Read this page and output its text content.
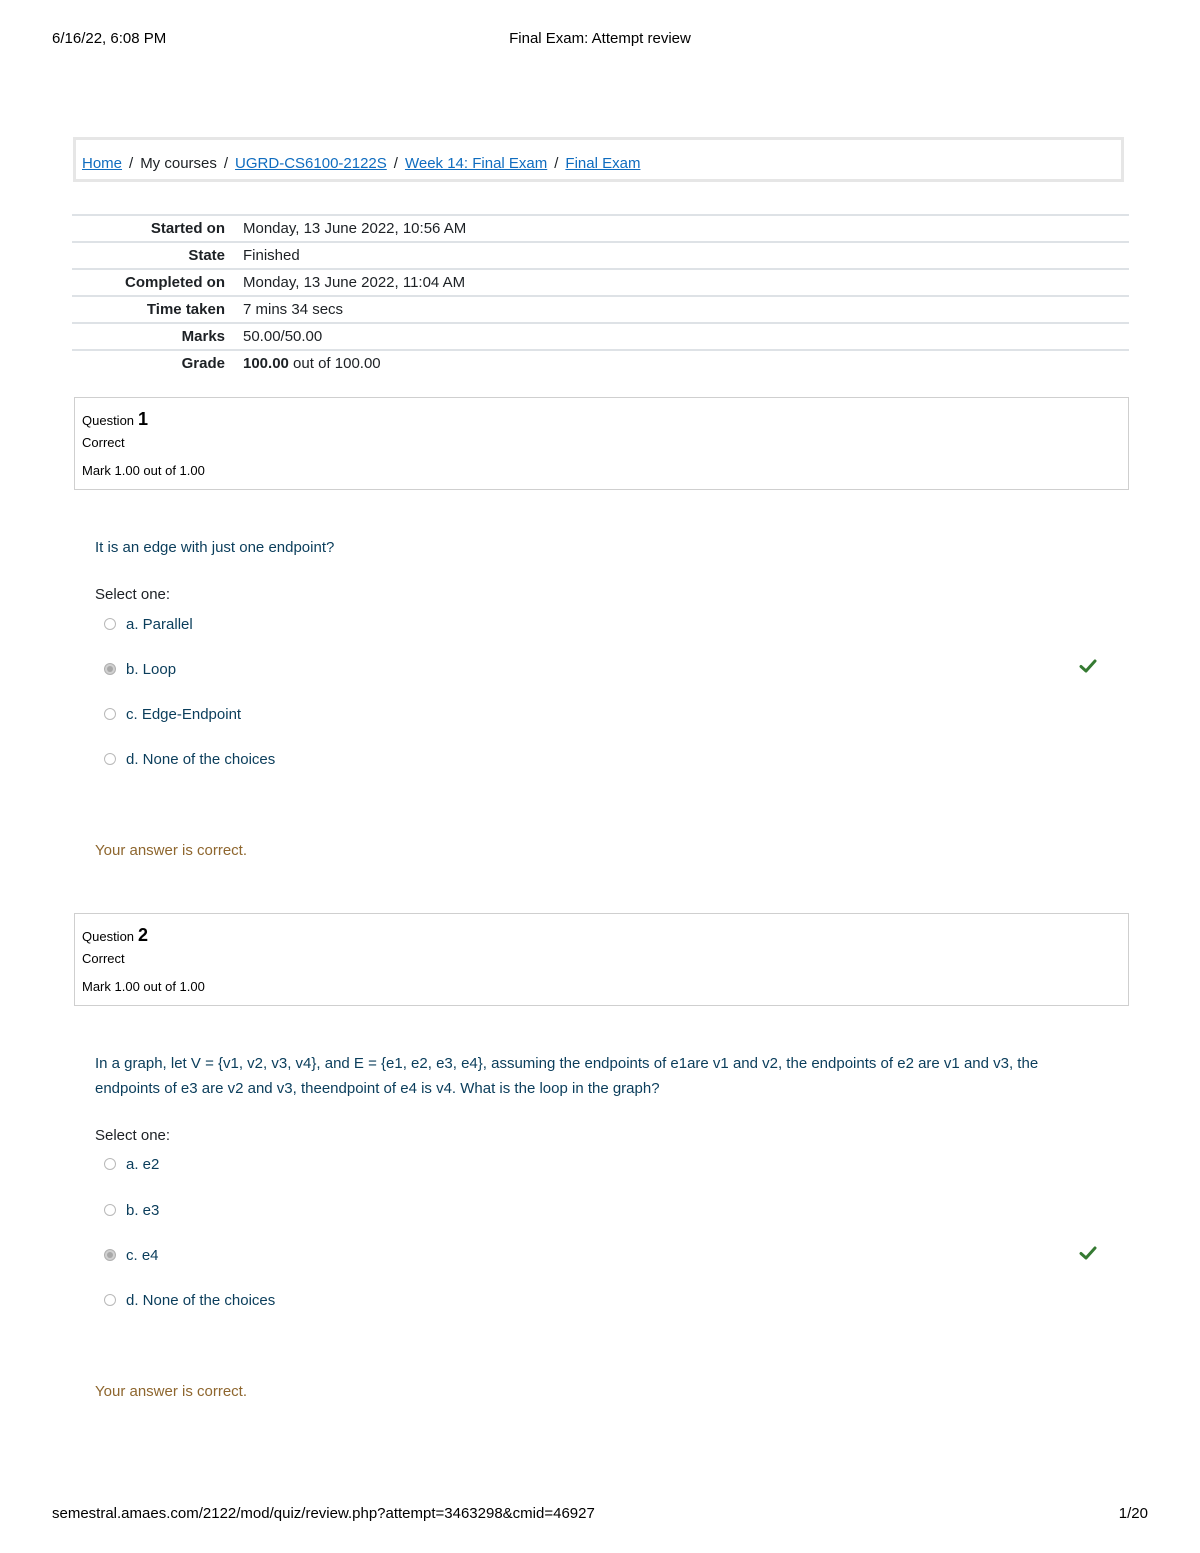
6/16/22, 6:08 PM	Final Exam: Attempt review
Home / My courses / UGRD-CS6100-2122S / Week 14: Final Exam / Final Exam
Started on	Monday, 13 June 2022, 10:56 AM
State	Finished
Completed on	Monday, 13 June 2022, 11:04 AM
Time taken	7 mins 34 secs
Marks	50.00/50.00
Grade	100.00 out of 100.00
Question 1
Correct
Mark 1.00 out of 1.00
It is an edge with just one endpoint?
Select one:
a. Parallel
b. Loop
c. Edge-Endpoint
d. None of the choices
Your answer is correct.
Question 2
Correct
Mark 1.00 out of 1.00
In a graph, let V = {v1, v2, v3, v4}, and E = {e1, e2, e3, e4}, assuming the endpoints of e1are v1 and v2, the endpoints of e2 are v1 and v3, the endpoints of e3 are v2 and v3, theendpoint of e4 is v4. What is the loop in the graph?
Select one:
a. e2
b. e3
c. e4
d. None of the choices
Your answer is correct.
semestral.amaes.com/2122/mod/quiz/review.php?attempt=3463298&cmid=46927	1/20
